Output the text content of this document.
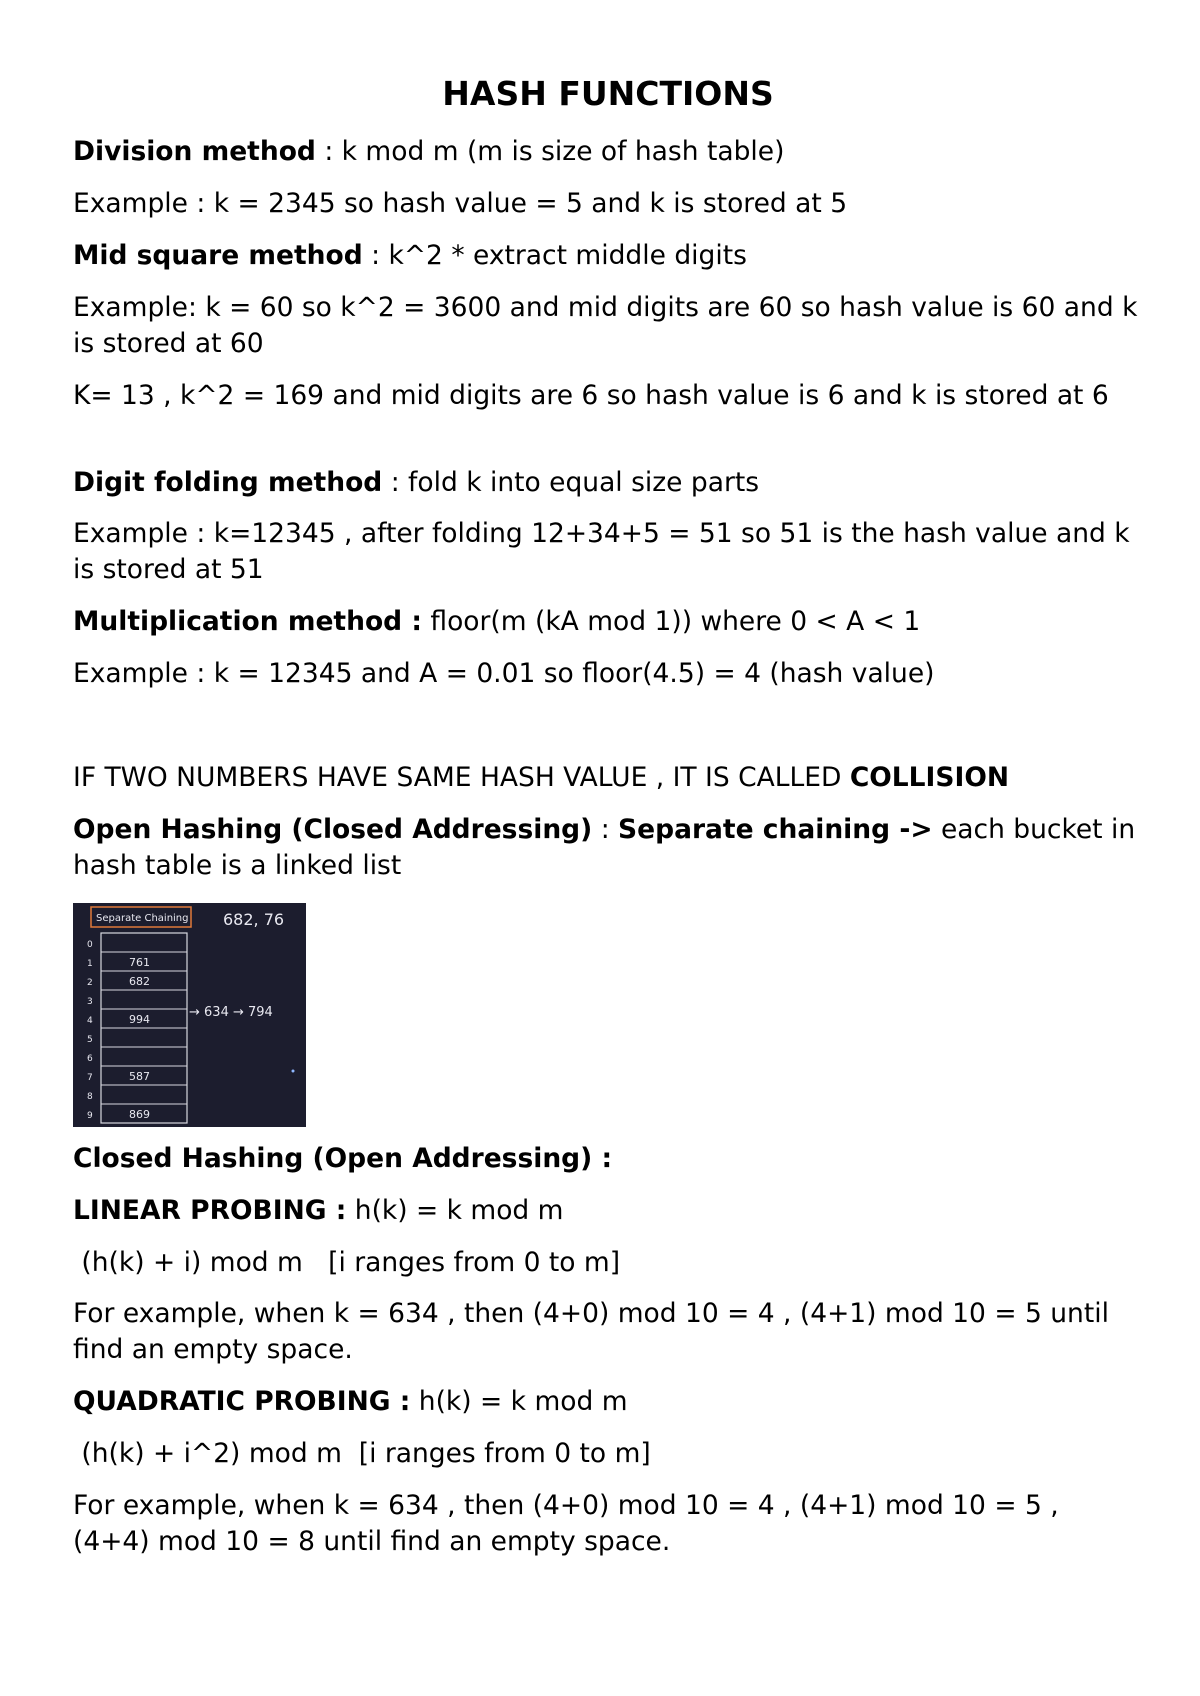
HASH FUNCTIONS

Division method : k mod m (m is size of hash table)

Example : k = 2345 so hash value = 5 and k is stored at 5

Mid square method : k^2 * extract middle digits

Example: k = 60 so k^2 = 3600 and mid digits are 60 so hash value is 60 and k is stored at 60

K= 13 , k^2 = 169 and mid digits are 6 so hash value is 6 and k is stored at 6

Digit folding method : fold k into equal size parts

Example : k=12345 , after folding 12+34+5 = 51 so 51 is the hash value and k is stored at 51

Multiplication method : floor(m (kA mod 1)) where 0 < A < 1

Example : k = 12345 and A = 0.01 so floor(4.5) = 4 (hash value)

IF TWO NUMBERS HAVE SAME HASH VALUE , IT IS CALLED COLLISION

Open Hashing (Closed Addressing) : Separate chaining -> each bucket in hash table is a linked list

Separate Chaining 682, 76
0
1
2
3
4
5
6
7
8
9
761
682
994
587
869
→ 634 → 794

Closed Hashing (Open Addressing) :

LINEAR PROBING : h(k) = k mod m

(h(k) + i) mod m   [i ranges from 0 to m]

For example, when k = 634 , then (4+0) mod 10 = 4 , (4+1) mod 10 = 5 until find an empty space.

QUADRATIC PROBING : h(k) = k mod m

(h(k) + i^2) mod m  [i ranges from 0 to m]

For example, when k = 634 , then (4+0) mod 10 = 4 , (4+1) mod 10 = 5 , (4+4) mod 10 = 8 until find an empty space.
